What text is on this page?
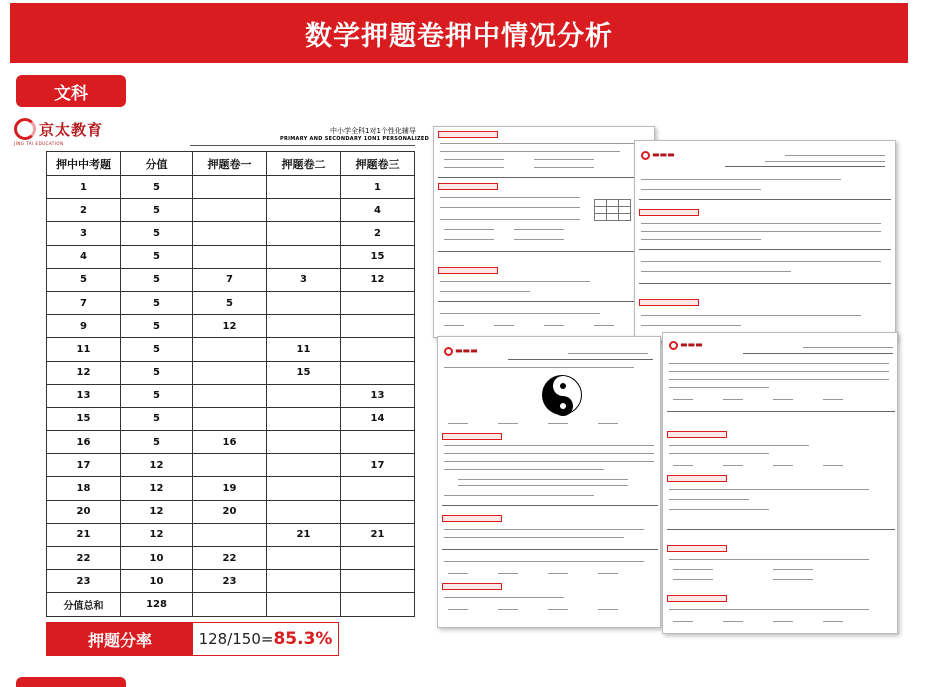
数学押题卷押中情况分析
文科
京太教育
JING TAI EDUCATION
中小学全科1对1个性化辅导
PRIMARY AND SECONDARY 1ON1 PERSONALIZED
押中中考题	分值	押题卷一	押题卷二	押题卷三
1	5			1
2	5			4
3	5			2
4	5			15
5	5	7	3	12
7	5	5		
9	5	12		
11	5		11	
12	5		15	
13	5			13
15	5			14
16	5	16		
17	12			17
18	12	19		
20	12	20		
21	12		21	21
22	10	22		
23	10	23		
分值总和	128			
押题分率	128/150= 85.3%

▬▬▬
▬▬▬
▬▬▬
